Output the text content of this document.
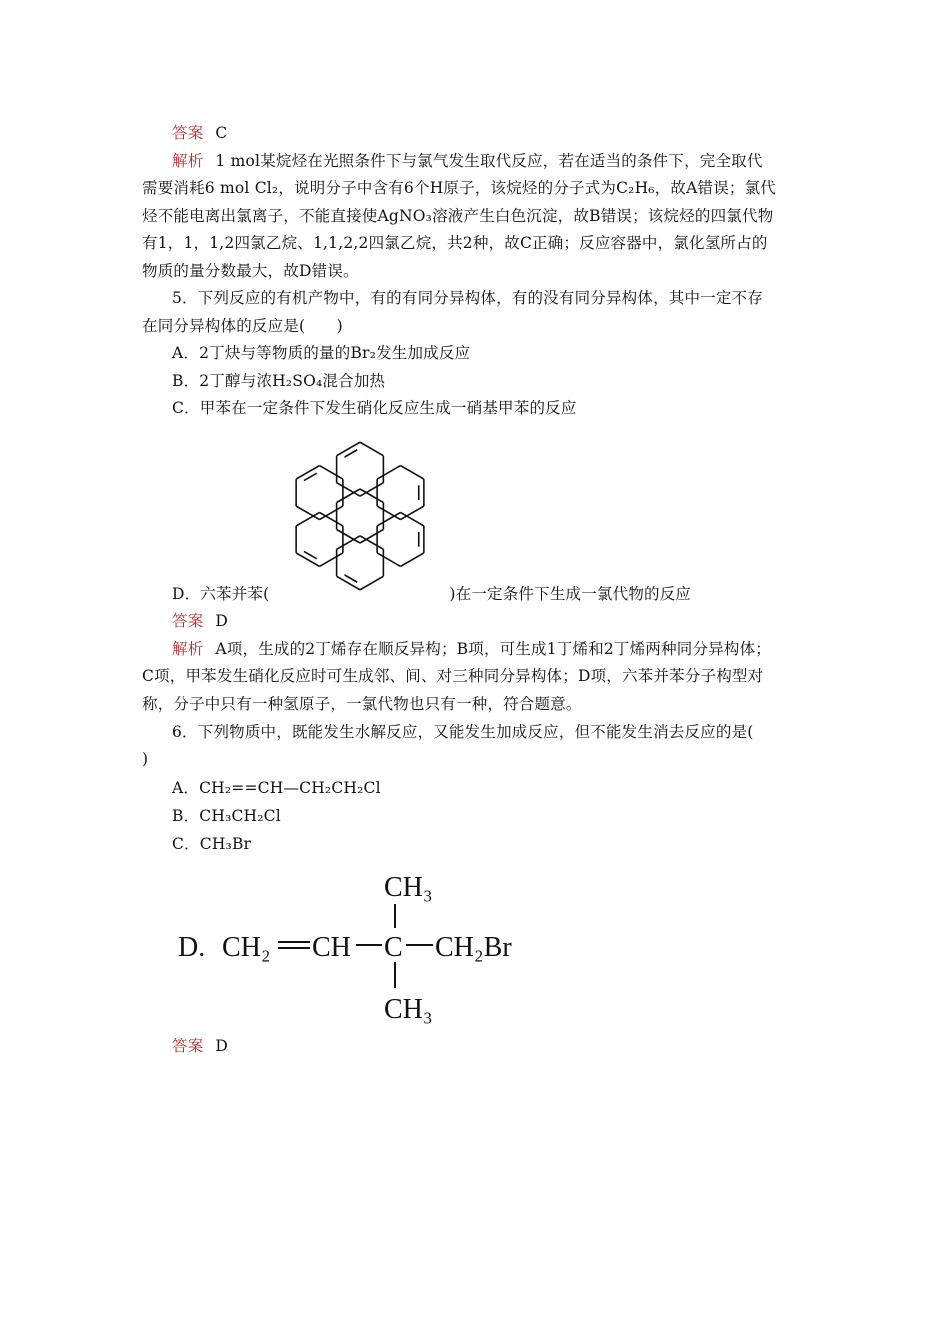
答案 C
解析 1 mol某烷烃在光照条件下与氯气发生取代反应，若在适当的条件下，完全取代
需要消耗6 mol Cl₂，说明分子中含有6个H原子，该烷烃的分子式为C₂H₆，故A错误；氯代
烃不能电离出氯离子，不能直接使AgNO₃溶液产生白色沉淀，故B错误；该烷烃的四氯代物
有1，1，1,2四氯乙烷、1,1,2,2四氯乙烷，共2种，故C正确；反应容器中，氯化氢所占的
物质的量分数最大，故D错误。
5．下列反应的有机产物中，有的有同分异构体，有的没有同分异构体，其中一定不存
在同分异构体的反应是(　　)
A．2丁炔与等物质的量的Br₂发生加成反应
B．2丁醇与浓H₂SO₄混合加热
C．甲苯在一定条件下发生硝化反应生成一硝基甲苯的反应
D．六苯并苯(	)在一定条件下生成一氯代物的反应
答案 D
解析 A项，生成的2丁烯存在顺反异构；B项，可生成1丁烯和2丁烯两种同分异构体；
C项，甲苯发生硝化反应时可生成邻、间、对三种同分异构体；D项，六苯并苯分子构型对
称，分子中只有一种氢原子，一氯代物也只有一种，符合题意。
6．下列物质中，既能发生水解反应，又能发生加成反应，但不能发生消去反应的是(
)
A．CH₂==CH—CH₂CH₂Cl
B．CH₃CH₂Cl
C．CH₃Br
D. CH₂ CH C CH₂Br
CH₃
CH₃
答案 D
